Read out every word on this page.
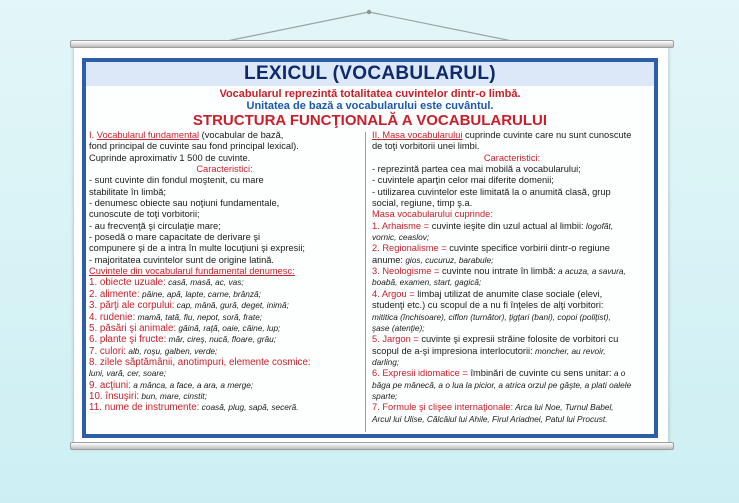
LEXICUL (VOCABULARUL)
Vocabularul reprezintă totalitatea cuvintelor dintr-o limbă.
Unitatea de bază a vocabularului este cuvântul.
STRUCTURA FUNCŢIONALĂ A VOCABULARULUI

I. Vocabularul fundamental (vocabular de bază,

fond principal de cuvinte sau fond principal lexical).

Cuprinde aproximativ 1 500 de cuvinte.

Caracteristici:

- sunt cuvinte din fondul moştenit, cu mare

stabilitate în limbă;

- denumesc obiecte sau noţiuni fundamentale,

cunoscute de toţi vorbitorii;

- au frecvenţă şi circulaţie mare;

- posedă o mare capacitate de derivare şi

compunere şi de a intra în multe locuţiuni şi expresii;

- majoritatea cuvintelor sunt de origine latină.

Cuvintele din vocabularul fundamental denumesc:

1. obiecte uzuale: casă, masă, ac, vas;

2. alimente: pâine, apă, lapte, carne, brânză;

3. părţi ale corpului: cap, mână, gură, deget, inimă;

4. rudenie: mamă, tată, fiu, nepot, soră, frate;

5. păsări şi animale: găină, raţă, oaie, câine, lup;

6. plante şi fructe: măr, cireş, nucă, floare, grâu;

7. culori: alb, roşu, galben, verde;

8. zilele săptămânii, anotimpuri, elemente cosmice:

luni, vară, cer, soare;

9. acţiuni: a mânca, a face, a ara, a merge;

10. însuşiri: bun, mare, cinstit;

11. nume de instrumente: coasă, plug, sapă, seceră.

II. Masa vocabularului cuprinde cuvinte care nu sunt cunoscute

de toţi vorbitorii unei limbi.

Caracteristici:

- reprezintă partea cea mai mobilă a vocabularului;

- cuvintele aparţin celor mai diferite domenii;

- utilizarea cuvintelor este limitată la o anumită clasă, grup

social, regiune, timp ş.a.

Masa vocabularului cuprinde:

1. Arhaisme = cuvinte ieşite din uzul actual al limbii: logofăt,

vornic, ceaslov;

2. Regionalisme = cuvinte specifice vorbirii dintr-o regiune

anume: gios, cucuruz, barabule;

3. Neologisme = cuvinte nou intrate în limbă: a acuza, a savura,

boabă, examen, start, gagică;

4. Argou = limbaj utilizat de anumite clase sociale (elevi,

studenţi etc.) cu scopul de a nu fi înţeles de alţi vorbitori:

mititica (închisoare), ciflon (turnător), ţigţari (bani), copoi (poliţist),

şase (atenţie);

5. Jargon = cuvinte şi expresii străine folosite de vorbitori cu

scopul de a-şi impresiona interlocutorii: moncher, au revoir,

darling;

6. Expresii idiomatice = îmbinări de cuvinte cu sens unitar: a o

băga pe mânecă, a o lua la picior, a atrica orzul pe gâşte, a plati oalele

sparte;

7. Formule şi clişee internaţionale: Arca lui Noe, Turnul Babel,

Arcul lui Ulise, Călcâiul lui Ahile, Firul Ariadnei, Patul lui Procust.
